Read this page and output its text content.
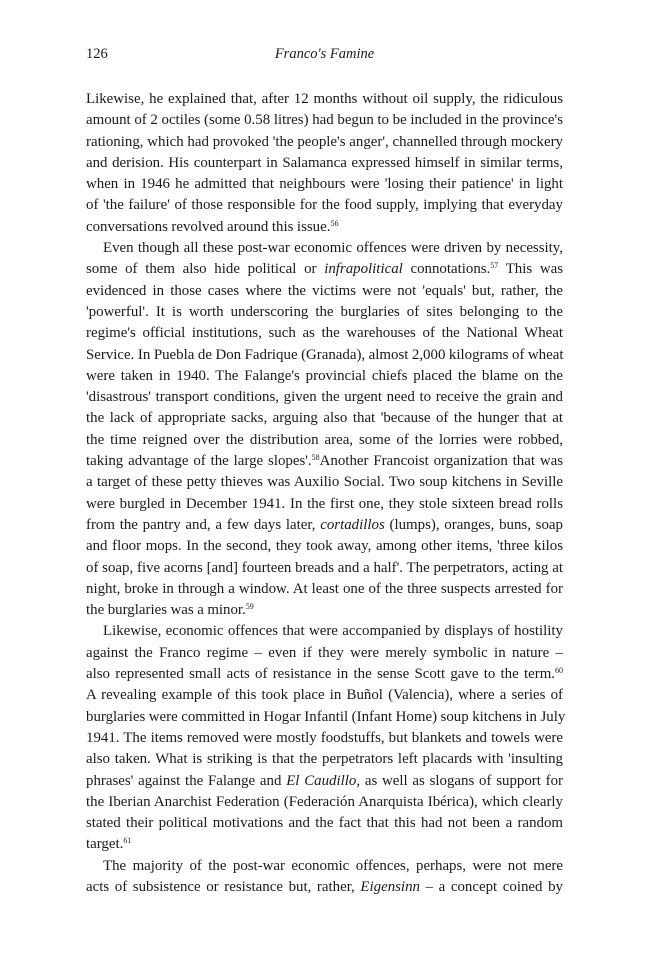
126	Franco's Famine

Likewise, he explained that, after 12 months without oil supply, the ridiculous
amount of 2 octiles (some 0.58 litres) had begun to be included in the province's
rationing, which had provoked 'the people's anger', channelled through mockery
and derision. His counterpart in Salamanca expressed himself in similar terms,
when in 1946 he admitted that neighbours were 'losing their patience' in light
of 'the failure' of those responsible for the food supply, implying that everyday
conversations revolved around this issue.$^{56}$

Even though all these post-war economic offences were driven by necessity,
some of them also hide political or infrapolitical connotations.$^{57}$ This was
evidenced in those cases where the victims were not 'equals' but, rather, the
'powerful'. It is worth underscoring the burglaries of sites belonging to the
regime's official institutions, such as the warehouses of the National Wheat
Service. In Puebla de Don Fadrique (Granada), almost 2,000 kilograms of wheat
were taken in 1940. The Falange's provincial chiefs placed the blame on the
'disastrous' transport conditions, given the urgent need to receive the grain and
the lack of appropriate sacks, arguing also that 'because of the hunger that at
the time reigned over the distribution area, some of the lorries were robbed,
taking advantage of the large slopes'.$^{58}$Another Francoist organization that was
a target of these petty thieves was Auxilio Social. Two soup kitchens in Seville
were burgled in December 1941. In the first one, they stole sixteen bread rolls
from the pantry and, a few days later, cortadillos (lumps), oranges, buns, soap
and floor mops. In the second, they took away, among other items, 'three kilos
of soap, five acorns [and] fourteen breads and a half'. The perpetrators, acting at
night, broke in through a window. At least one of the three suspects arrested for
the burglaries was a minor.$^{59}$

Likewise, economic offences that were accompanied by displays of hostility
against the Franco regime – even if they were merely symbolic in nature –
also represented small acts of resistance in the sense Scott gave to the term.$^{60}$
A revealing example of this took place in Buñol (Valencia), where a series of
burglaries were committed in Hogar Infantil (Infant Home) soup kitchens in July
1941. The items removed were mostly foodstuffs, but blankets and towels were
also taken. What is striking is that the perpetrators left placards with 'insulting
phrases' against the Falange and El Caudillo, as well as slogans of support for
the Iberian Anarchist Federation (Federación Anarquista Ibérica), which clearly
stated their political motivations and the fact that this had not been a random
target.$^{61}$

The majority of the post-war economic offences, perhaps, were not mere
acts of subsistence or resistance but, rather, Eigensinn – a concept coined by
